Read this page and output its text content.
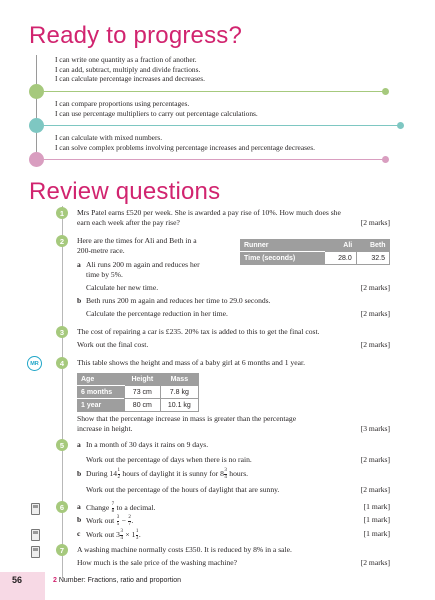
Ready to progress?
I can write one quantity as a fraction of another.
I can add, subtract, multiply and divide fractions.
I can calculate percentage increases and decreases.
I can compare proportions using percentages.
I can use percentage multipliers to carry out percentage calculations.
I can calculate with mixed numbers.
I can solve complex problems involving percentage increases and percentage decreases.
Review questions
1	Mrs Patel earns £520 per week. She is awarded a pay rise of 10%. How much does she
earn each week after the pay rise?	[2 marks]
2	Here are the times for Ali and Beth in a
200-metre race.
Runner	Ali	Beth
Time (seconds)	28.0	32.5
a Ali runs 200 m again and reduces her
time by 5%.
Calculate her new time.	[2 marks]
b Beth runs 200 m again and reduces her time to 29.0 seconds.
Calculate the percentage reduction in her time.	[2 marks]
3	The cost of repairing a car is £235. 20% tax is added to this to get the final cost.
Work out the final cost.	[2 marks]
MR	4	This table shows the height and mass of a baby girl at 6 months and 1 year.
Age	Height	Mass
6 months	73 cm	7.8 kg
1 year	80 cm	10.1 kg
Show that the percentage increase in mass is greater than the percentage
increase in height.	[3 marks]
5	a In a month of 30 days it rains on 9 days.
Work out the percentage of days when there is no rain.	[2 marks]
b During $14 \frac{1}{2}$ hours of daylight it is sunny for $8 \frac{3}{4}$ hours.
Work out the percentage of the hours of daylight that are sunny.	[2 marks]
6	a Change $\frac{7}{8}$ to a decimal.	[1 mark]
b Work out $\frac{3}{5} - \frac{2}{7}$ .	[1 mark]
c Work out $3 \frac{3}{4} \times 1 \frac{1}{3}$ .	[1 mark]
7	A washing machine normally costs £350. It is reduced by 8% in a sale.
How much is the sale price of the washing machine?	[2 marks]
56	2 Number: Fractions, ratio and proportion
